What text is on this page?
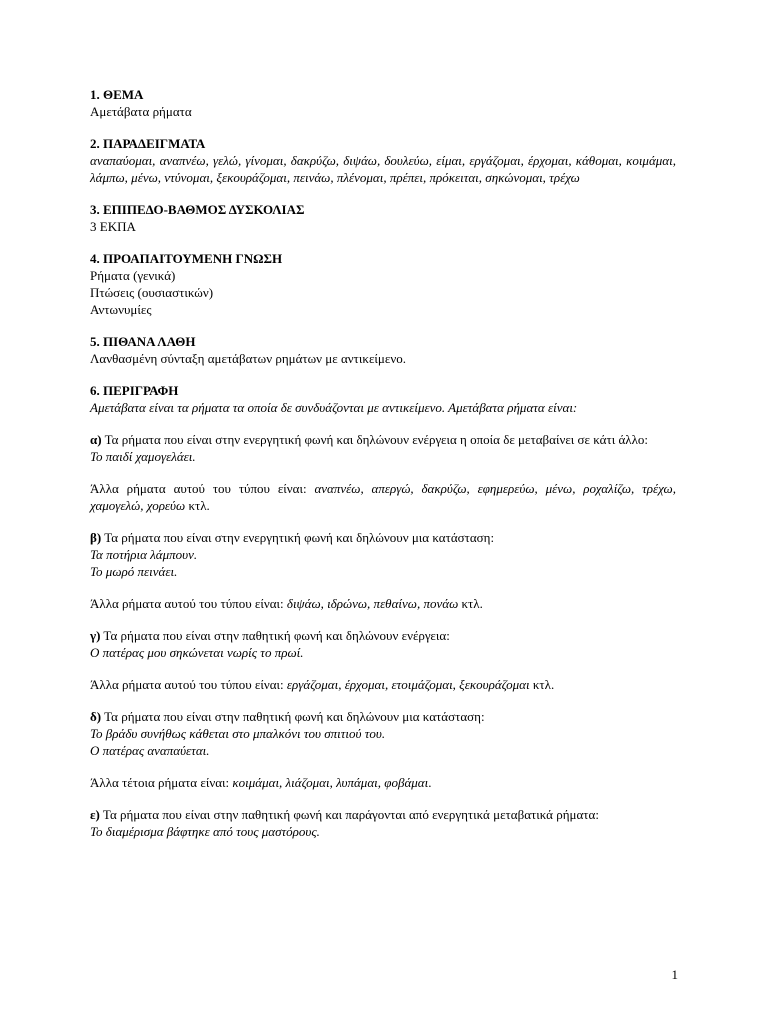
1. ΘΕΜΑ
Αμετάβατα ρήματα
2. ΠΑΡΑΔΕΙΓΜΑΤΑ
αναπαύομαι, αναπνέω, γελώ, γίνομαι, δακρύζω, διψάω, δουλεύω, είμαι, εργάζομαι, έρχομαι, κάθομαι, κοιμάμαι, λάμπω, μένω, ντύνομαι, ξεκουράζομαι, πεινάω, πλένομαι, πρέπει, πρόκειται, σηκώνομαι, τρέχω
3. ΕΠΙΠΕΔΟ-ΒΑΘΜΟΣ ΔΥΣΚΟΛΙΑΣ
3 ΕΚΠΑ
4. ΠΡΟΑΠΑΙΤΟΥΜΕΝΗ ΓΝΩΣΗ
Ρήματα (γενικά)
Πτώσεις (ουσιαστικών)
Αντωνυμίες
5. ΠΙΘΑΝΑ ΛΑΘΗ
Λανθασμένη σύνταξη αμετάβατων ρημάτων με αντικείμενο.
6. ΠΕΡΙΓΡΑΦΗ
Αμετάβατα είναι τα ρήματα τα οποία δε συνδυάζονται με αντικείμενο. Αμετάβατα ρήματα είναι:
α) Τα ρήματα που είναι στην ενεργητική φωνή και δηλώνουν ενέργεια η οποία δε μεταβαίνει σε κάτι άλλο:
Το παιδί χαμογελάει.
Άλλα ρήματα αυτού του τύπου είναι: αναπνέω, απεργώ, δακρύζω, εφημερεύω, μένω, ροχαλίζω, τρέχω, χαμογελώ, χορεύω κτλ.
β) Τα ρήματα που είναι στην ενεργητική φωνή και δηλώνουν μια κατάσταση:
Τα ποτήρια λάμπουν.
Το μωρό πεινάει.
Άλλα ρήματα αυτού του τύπου είναι: διψάω, ιδρώνω, πεθαίνω, πονάω κτλ.
γ) Τα ρήματα που είναι στην παθητική φωνή και δηλώνουν ενέργεια:
Ο πατέρας μου σηκώνεται νωρίς το πρωί.
Άλλα ρήματα αυτού του τύπου είναι: εργάζομαι, έρχομαι, ετοιμάζομαι, ξεκουράζομαι κτλ.
δ) Τα ρήματα που είναι στην παθητική φωνή και δηλώνουν μια κατάσταση:
Το βράδυ συνήθως κάθεται στο μπαλκόνι του σπιτιού του.
Ο πατέρας αναπαύεται.
Άλλα τέτοια ρήματα είναι: κοιμάμαι, λιάζομαι, λυπάμαι, φοβάμαι.
ε) Τα ρήματα που είναι στην παθητική φωνή και παράγονται από ενεργητικά μεταβατικά ρήματα:
Το διαμέρισμα βάφτηκε από τους μαστόρους.
1
